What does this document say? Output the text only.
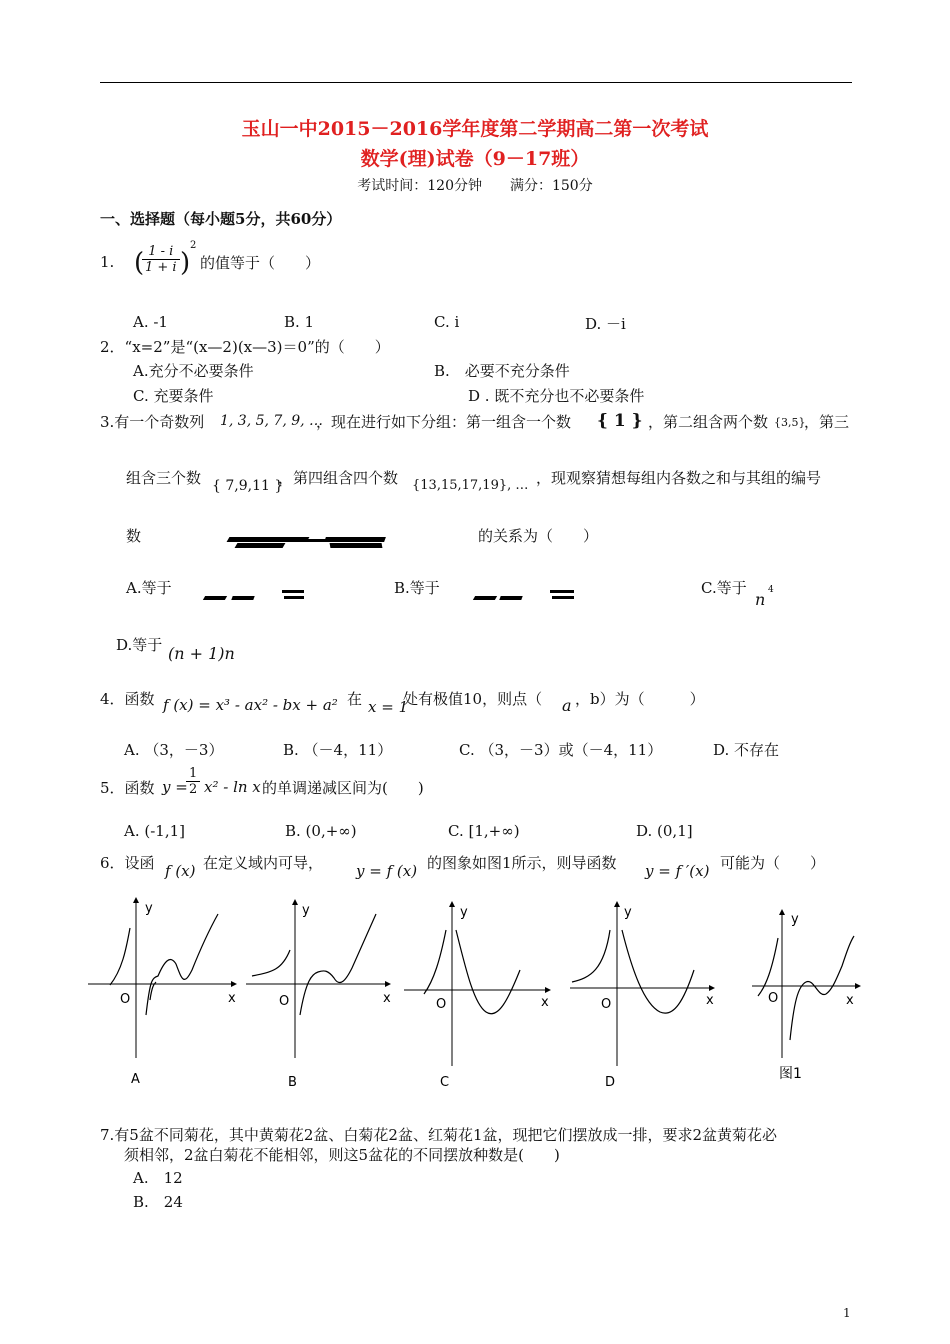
玉山一中2015－2016学年度第二学期高二第一次考试
数学(理)试卷（9－17班）
考试时间：120分钟　　满分：150分
一、选择题（每小题5分，共60分）
1. (
$\frac{1 - i}{1 + i}$ )
2
的值等于（　　）
A. -1	B. 1	C. i	D. －i
2．“x=2”是“(x—2)(x—3)＝0”的（　　）
A.充分不必要条件	B.　必要不充分条件
C. 充要条件	D . 既不充分也不必要条件
3.有一个奇数列 1, 3, 5, 7, 9, …
，现在进行如下分组：第一组含一个数 { 1 } ，第二组含两个数 {3,5}
，第三
组含三个数 { 7,9,11 }
，第四组含四个数 {13,15,17,19}, … ，现观察猜想每组内各数之和与其组的编号
数	的关系为（　　）
A.等于	B.等于	C.等于
n 4
D.等于 (n + 1)n
4．函数 f (x) = x³ - ax² - bx + a² 在 x = 1
处有极值10，则点（ a ，b）为（　　　）
A. （3，－3）	B. （－4，11）	C. （3，－3）或（－4，11）	D. 不存在
5．函数 y =
$\frac{1}{2} x^2$ - ln x 的单调递减区间为(　　)
A. (-1,1]	B. (0,+∞)	C. [1,+∞)	D. (0,1]
6．设函 f (x) 在定义域内可导， y = f (x) 的图象如图1所示，则导函数 y = f ′(x) 可能为（　　）
x
y
O
A
x
y
O
B
x
y
O
C
x
y
O
D
x
y
O
图1
7.有5盆不同菊花，其中黄菊花2盆、白菊花2盆、红菊花1盆，现把它们摆放成一排，要求2盆黄菊花必
须相邻，2盆白菊花不能相邻，则这5盆花的不同摆放种数是(　　)
A.　12
B.　24
1
